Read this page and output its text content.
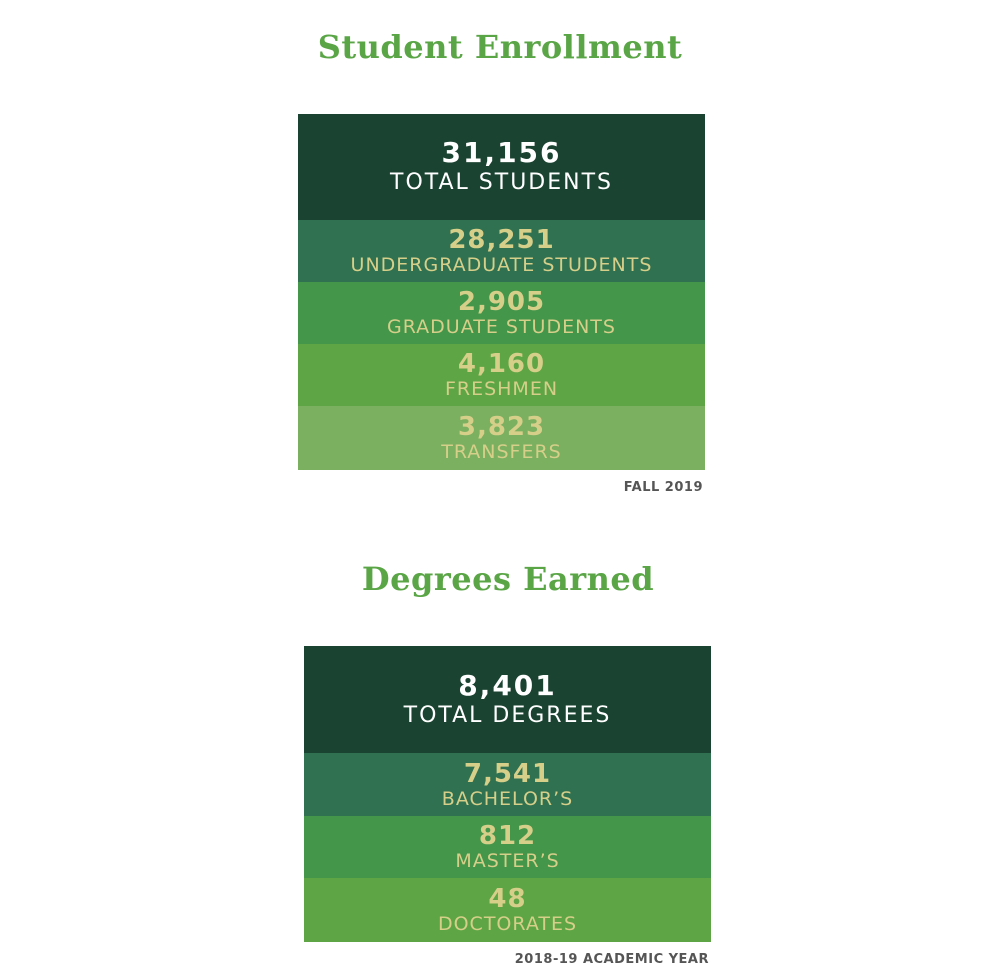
Student Enrollment
31,156
TOTAL STUDENTS
28,251
UNDERGRADUATE STUDENTS
2,905
GRADUATE STUDENTS
4,160
FRESHMEN
3,823
TRANSFERS
FALL 2019
Degrees Earned
8,401
TOTAL DEGREES
7,541
BACHELOR’S
812
MASTER’S
48
DOCTORATES
2018-19 ACADEMIC YEAR
